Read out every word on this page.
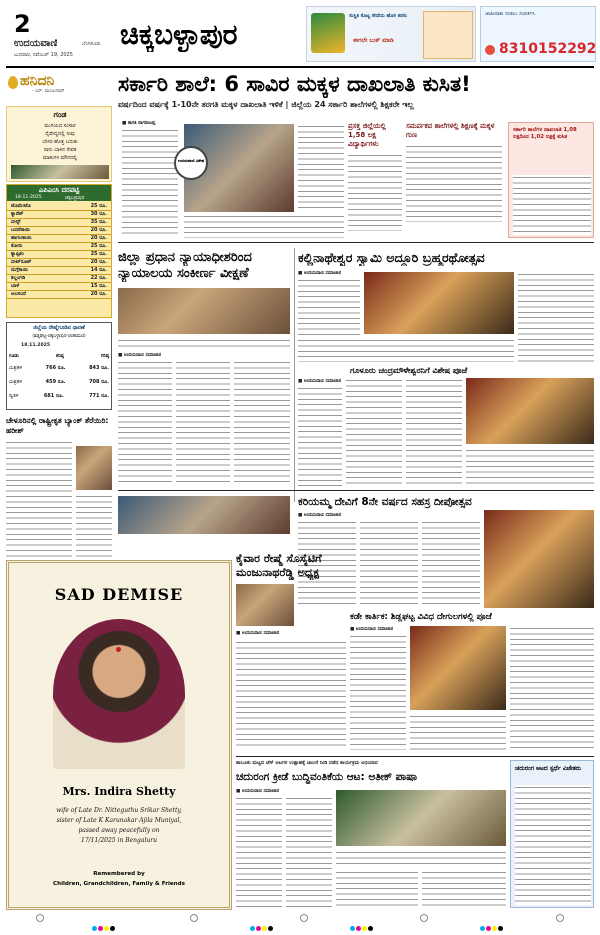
2
ಉದಯವಾಣಿ	ಬೆಂಗಳೂರು
ಬುಧವಾರ, ನವೆಂಬರ್ 19, 2025
ಚಿಕ್ಕಬಳ್ಳಾಪುರ
ಸುಸ್ಥಿತಿ ಕೊಟ್ಟ ಸೇವೆಯ ಹೊಸ ಕನಸು
ಈಗಲೇ ಬುಕ್ ಮಾಡಿ
ಜಾಹೀರಾತು ನೀಡಲು ಸಂಪರ್ಕಿಸಿ
8310152292
ಹನಿದನಿ
- ಎನ್. ಮಂಜುನಾಥ್
ಗಂಡ
ಮುಗಿಯದ ಸಂಸಾರ
ನೈವೇದ್ಯದಲ್ಲಿ ನೀವು
ಬೇಸರ ಹೊತ್ತ ಬದುಕು
ನಾನು ಬಾಳಿನ ಸೇವಕ
ಮಾತುಗಳ ಮೌನದಲ್ಲಿ
ಎಪಿಎಂಸಿ ದರಪಟ್ಟಿ
18-11-2025	ಚಿಕ್ಕಬಳ್ಳಾಪುರ
ಟೊಮೇಟೊ	25 ರೂ.
ಕ್ಯಾರೆಟ್	30 ರೂ.
ಬೀನ್ಸ್	35 ರೂ.
ಬದನೆಕಾಯಿ	20 ರೂ.
ಹಾಗಲಕಾಯಿ	20 ರೂ.
ಕೋಸು	25 ರೂ.
ಕ್ಯಾಪ್ಸಿಕಂ	25 ರೂ.
ಬೀಟ್‌ರೂಟ್	20 ರೂ.
ನುಗ್ಗೆಕಾಯಿ	14 ರೂ.
ಕಲ್ಲಂಗಡಿ	22 ರೂ.
ಬಾಳೆ	15 ರೂ.
ಅಲಸಂದೆ	20 ರೂ.
ಜಿಲ್ಲೆಯ ರೇಷ್ಮೆಗೂಡಿನ ಧಾರಣೆ
(ಶಿಡ್ಲಘಟ್ಟ-ಚಿಕ್ಕಬಳ್ಳಾಪುರ-ಚಿಂತಾಮಣಿ)
18.11.2025
ಗೂಡು	ಕನಿಷ್ಠ	ಗರಿಷ್ಠ
ಮಿಶ್ರತಳಿ	766 ರೂ.	843 ರೂ.
ಮಿಶ್ರತಳಿ	459 ರೂ.	708 ರೂ.
ದ್ವಿತಳಿ	681 ರೂ.	771 ರೂ.
ಚೇಳೂರಿನಲ್ಲಿ ರಾಷ್ಟ್ರೀಕೃತ ಬ್ಯಾಂಕ್ ತೆರೆಯಿರಿ: ಹರೀಶ್
ಸರ್ಕಾರಿ ಶಾಲೆ: 6 ಸಾವಿರ ಮಕ್ಕಳ ದಾಖಲಾತಿ ಕುಸಿತ!
ವರ್ಷದಿಂದ ವರ್ಷಕ್ಕೆ 1-10ನೇ ತರಗತಿ ಮಕ್ಕಳ ದಾಖಲಾತಿ ಇಳಿಕೆ | ಜಿಲ್ಲೆಯ 24 ಸರ್ಕಾರಿ ಶಾಲೆಗಳಲ್ಲಿ ಶಿಕ್ಷಕರೇ ಇಲ್ಲ
■ ಕಾಗತಿ ನಾಗರಾಜಪ್ಪ
ಉದಯವಾಣಿ ವಿಶೇಷ
ಪ್ರಸಕ್ತ ಜಿಲ್ಲೆಯಲ್ಲಿ 1,58 ಲಕ್ಷ ವಿದ್ಯಾರ್ಥಿಗಳು
ಸಮರ್ಪಕವ ಶಾಲೆಗಳಲ್ಲಿ ಶಿಕ್ಷಣಕ್ಕೆ ಮಕ್ಕಳ ಗುಣ
ಸರ್ಕಾರಿ ಶಾಲೆಗಳ ದಾಖಲಾತಿ 1,08 ಲಕ್ಷದಿಂದ 1,02 ಲಕ್ಷಕ್ಕೆ ಕುಸಿತ
ಜಿಲ್ಲಾ ಪ್ರಧಾನ ನ್ಯಾಯಾಧೀಶರಿಂದ
ನ್ಯಾಯಾಲಯ ಸಂಕೀರ್ಣ ವೀಕ್ಷಣೆ
■ ಉದಯವಾಣಿ ಸಮಾಚಾರ
ಕಲ್ಲಿನಾಥೇಶ್ವರ ಸ್ವಾಮಿ ಅದ್ದೂರಿ ಬ್ರಹ್ಮರಥೋತ್ಸವ
■ ಉದಯವಾಣಿ ಸಮಾಚಾರ
ಗೂಳೂರು ಚಂದ್ರಮೌಳೇಶ್ವರನಿಗೆ ವಿಶೇಷ ಪೂಜೆ
■ ಉದಯವಾಣಿ ಸಮಾಚಾರ
ಕರಿಯಮ್ಮ ದೇವಿಗೆ 8ನೇ ವರ್ಷದ ಸಹಸ್ರ ದೀಪೋತ್ಸವ
■ ಉದಯವಾಣಿ ಸಮಾಚಾರ
ಕೈವಾರ ರೇಷ್ಮೆ ಸೊಸೈಟಿಗೆ
ಮಂಜುನಾಥರೆಡ್ಡಿ ಅಧ್ಯಕ್ಷ
■ ಉದಯವಾಣಿ ಸಮಾಚಾರ
ಕಡೇ ಕಾರ್ತಿಕ: ಶಿಡ್ಲಘಟ್ಟ ವಿವಿಧ ದೇಗುಲಗಳಲ್ಲಿ ಪೂಜೆ
■ ಉದಯವಾಣಿ ಸಮಾಚಾರ
SAD DEMISE
Mrs. Indira Shetty
wife of Late Dr. Nitteguthu Srikar Shetty,
sister of Late K Karunakar Ajila Muniyal,
passed away peacefully on
17/11/2025 in Bengaluru
Remembered by
Children, Grandchildren, Family & Friends
ತಾಲೂಕು ಮಟ್ಟದ ಚೆಸ್ ಆಟಗಳ ಉತ್ಸಾಹಕ್ಕೆ ಚಾಲನೆ ನೀಡಿ ನಡೆದ ಕಾರ್ಯಕ್ರಮ ಅಭಿಯಾನ
ಚದುರಂಗ ಕ್ರೀಡೆ ಬುದ್ಧಿವಂತಿಕೆಯ ಆಟ: ಅತೀಕ್ ಪಾಷಾ
■ ಉದಯವಾಣಿ ಸಮಾಚಾರ
ಚದುರಂಗ ಆಟದ ಸ್ಪರ್ಧೆ ವಿಜೇತರು
